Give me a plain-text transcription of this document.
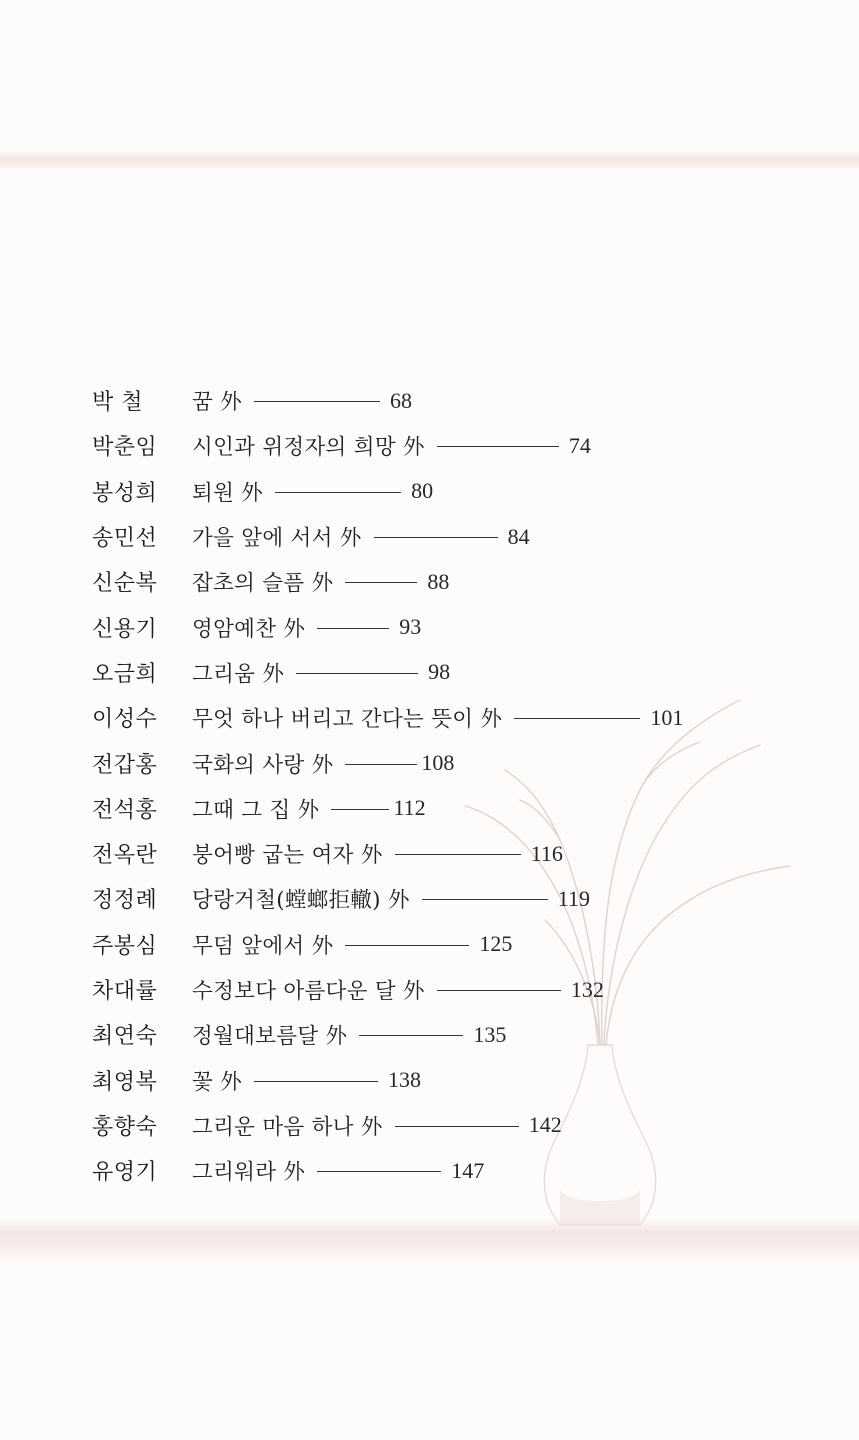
박 철	꿈 外	68
박춘임	시인과 위정자의 희망 外	74
봉성희	퇴원 外	80
송민선	가을 앞에 서서 外	84
신순복	잡초의 슬픔 外	88
신용기	영암예찬 外	93
오금희	그리움 外	98
이성수	무엇 하나 버리고 간다는 뜻이 外	101
전갑홍	국화의 사랑 外	108
전석홍	그때 그 집 外	112
전옥란	붕어빵 굽는 여자 外	116
정정례	당랑거철(螳螂拒轍) 外	119
주봉심	무덤 앞에서 外	125
차대률	수정보다 아름다운 달 外	132
최연숙	정월대보름달 外	135
최영복	꽃 外	138
홍향숙	그리운 마음 하나 外	142
유영기	그리워라 外	147
